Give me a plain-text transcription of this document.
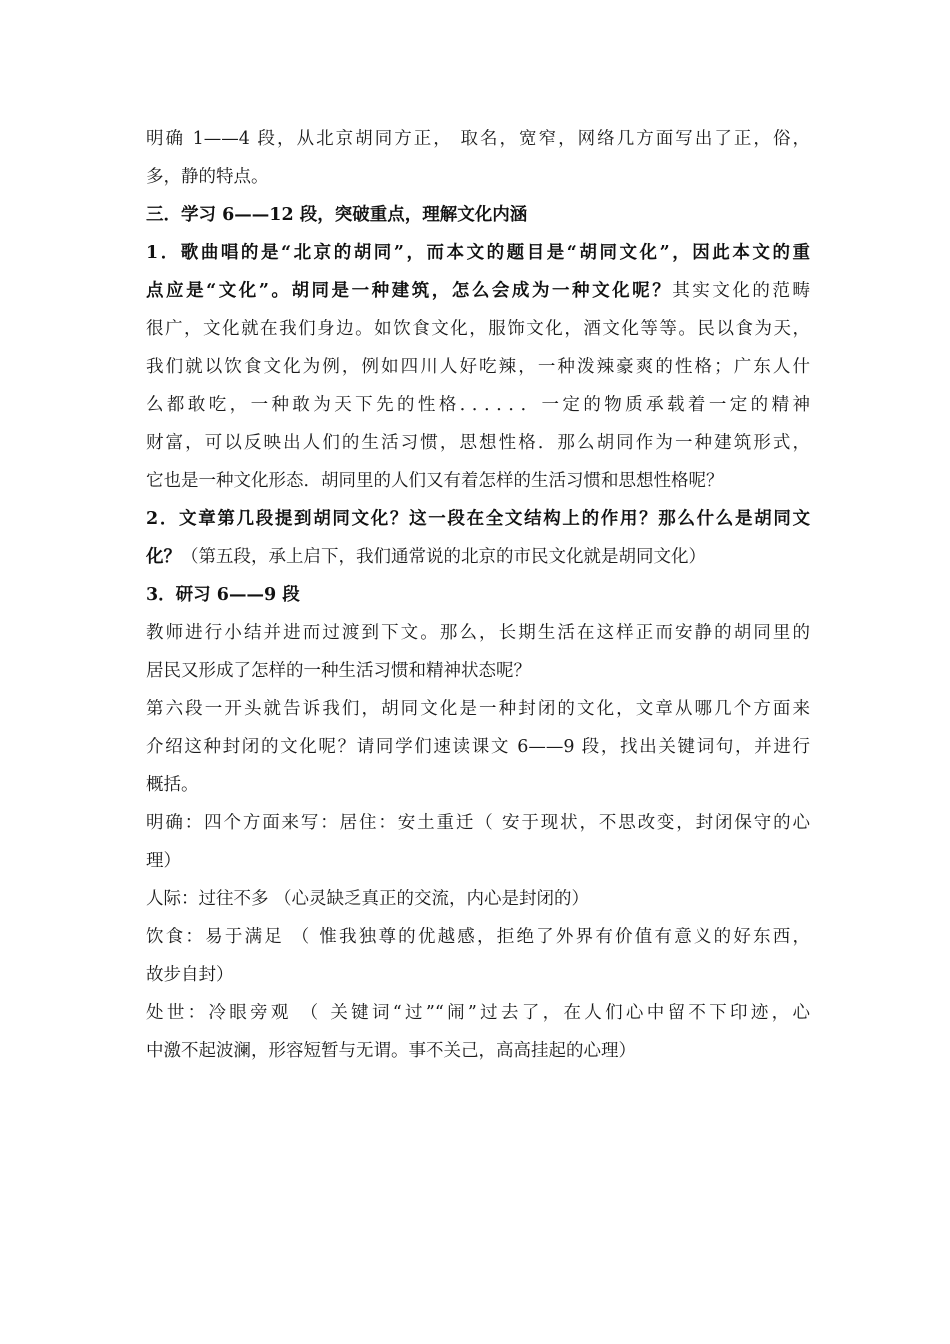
明确 1——4 段，从北京胡同方正， 取名，宽窄，网络几方面写出了正，俗，
多，静的特点。
三．学习 6——12 段，突破重点，理解文化内涵
1．歌曲唱的是“北京的胡同”，而本文的题目是“胡同文化”，因此本文的重
点应是“文化”。胡同是一种建筑，怎么会成为一种文化呢？其实文化的范畴
很广，文化就在我们身边。如饮食文化，服饰文化，酒文化等等。民以食为天，
我们就以饮食文化为例，例如四川人好吃辣，一种泼辣豪爽的性格；广东人什
么都敢吃，一种敢为天下先的性格．．．．．．一定的物质承载着一定的精神
财富，可以反映出人们的生活习惯，思想性格．那么胡同作为一种建筑形式，
它也是一种文化形态．胡同里的人们又有着怎样的生活习惯和思想性格呢？
2．文章第几段提到胡同文化？这一段在全文结构上的作用？那么什么是胡同文
化？（第五段，承上启下，我们通常说的北京的市民文化就是胡同文化）
3．研习 6——9 段
教师进行小结并进而过渡到下文。那么，长期生活在这样正而安静的胡同里的
居民又形成了怎样的一种生活习惯和精神状态呢？
第六段一开头就告诉我们，胡同文化是一种封闭的文化，文章从哪几个方面来
介绍这种封闭的文化呢？请同学们速读课文 6——9 段，找出关键词句，并进行
概括。
明确：四个方面来写：居住：安土重迁（ 安于现状，不思改变，封闭保守的心
理）
人际：过往不多 （心灵缺乏真正的交流，内心是封闭的）
饮食：易于满足 （ 惟我独尊的优越感，拒绝了外界有价值有意义的好东西，
故步自封）
处世：冷眼旁观 （ 关键词“过”“闹”过去了，在人们心中留不下印迹，心
中激不起波澜，形容短暂与无谓。事不关己，高高挂起的心理）
